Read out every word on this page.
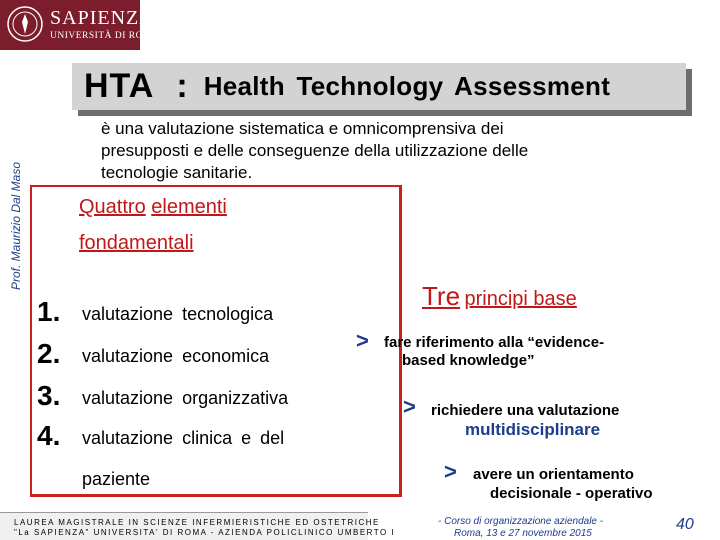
SAPIENZA
UNIVERSITÀ DI ROMA
Prof. Maurizio Dal Maso
HTA : Health Technology Assessment
è una valutazione sistematica e omnicomprensiva dei
presupposti e delle conseguenze della utilizzazione delle
tecnologie sanitarie.
Quattro elementi
fondamentali
1. valutazione tecnologica
2. valutazione economica
3. valutazione organizzativa
4. valutazione clinica e del
paziente
Tre principi base
> fare riferimento alla “evidence-
based knowledge”
> richiedere una valutazione
multidisciplinare
> avere un orientamento
decisionale - operativo
LAUREA MAGISTRALE IN SCIENZE INFERMIERISTICHE ED OSTETRICHE
"La SAPIENZA" UNIVERSITA' DI ROMA - AZIENDA POLICLINICO UMBERTO I
- Corso di organizzazione aziendale -
Roma, 13 e 27 novembre 2015
40
